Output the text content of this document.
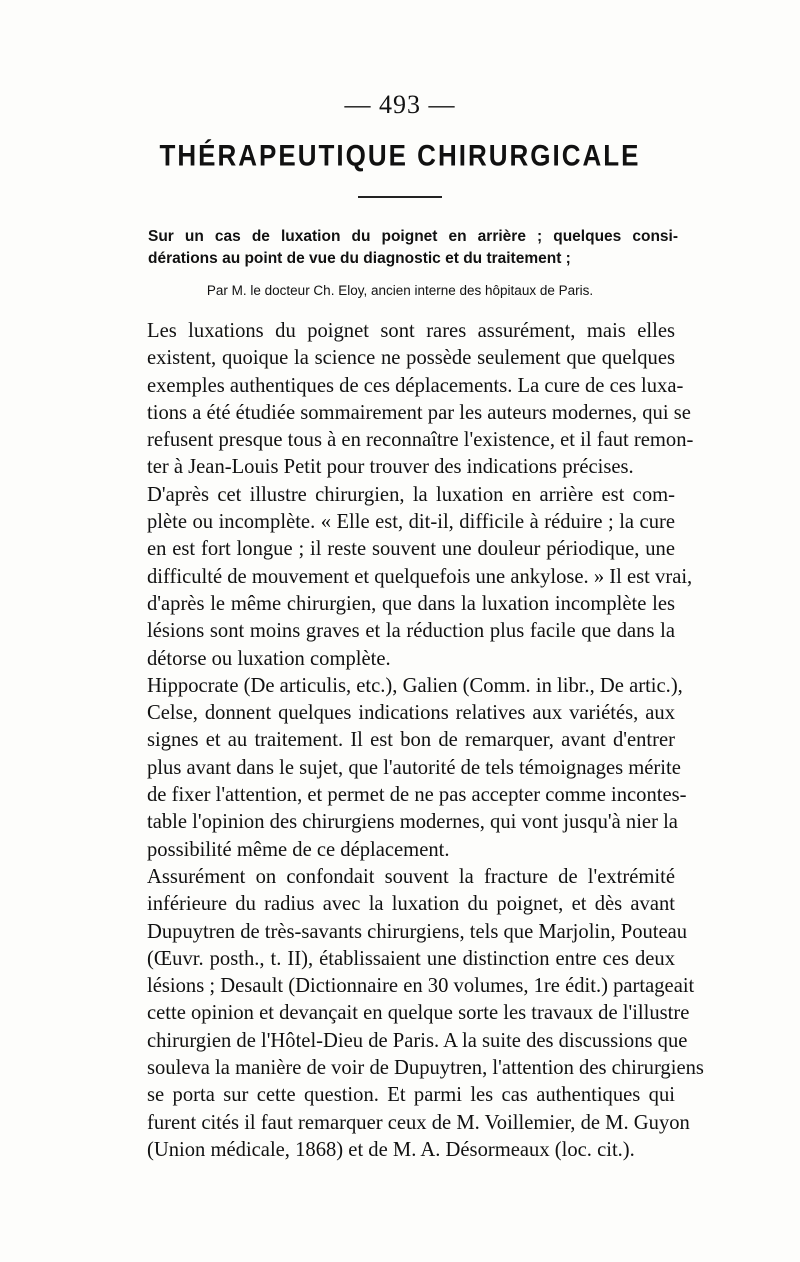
— 493 —
THÉRAPEUTIQUE CHIRURGICALE
Sur un cas de luxation du poignet en arrière ; quelques consi-
dérations au point de vue du diagnostic et du traitement ;
Par M. le docteur Ch. Eloy, ancien interne des hôpitaux de Paris.
Les luxations du poignet sont rares assurément, mais elles
existent, quoique la science ne possède seulement que quelques
exemples authentiques de ces déplacements. La cure de ces luxa-
tions a été étudiée sommairement par les auteurs modernes, qui se
refusent presque tous à en reconnaître l'existence, et il faut remon-
ter à Jean-Louis Petit pour trouver des indications précises.
D'après cet illustre chirurgien, la luxation en arrière est com-
plète ou incomplète. « Elle est, dit-il, difficile à réduire ; la cure
en est fort longue ; il reste souvent une douleur périodique, une
difficulté de mouvement et quelquefois une ankylose. » Il est vrai,
d'après le même chirurgien, que dans la luxation incomplète les
lésions sont moins graves et la réduction plus facile que dans la
détorse ou luxation complète.
Hippocrate (De articulis, etc.), Galien (Comm. in libr., De artic.),
Celse, donnent quelques indications relatives aux variétés, aux
signes et au traitement. Il est bon de remarquer, avant d'entrer
plus avant dans le sujet, que l'autorité de tels témoignages mérite
de fixer l'attention, et permet de ne pas accepter comme incontes-
table l'opinion des chirurgiens modernes, qui vont jusqu'à nier la
possibilité même de ce déplacement.
Assurément on confondait souvent la fracture de l'extrémité
inférieure du radius avec la luxation du poignet, et dès avant
Dupuytren de très-savants chirurgiens, tels que Marjolin, Pouteau
(Œuvr. posth., t. II), établissaient une distinction entre ces deux
lésions ; Desault (Dictionnaire en 30 volumes, 1re édit.) partageait
cette opinion et devançait en quelque sorte les travaux de l'illustre
chirurgien de l'Hôtel-Dieu de Paris. A la suite des discussions que
souleva la manière de voir de Dupuytren, l'attention des chirurgiens
se porta sur cette question. Et parmi les cas authentiques qui
furent cités il faut remarquer ceux de M. Voillemier, de M. Guyon
(Union médicale, 1868) et de M. A. Désormeaux (loc. cit.).
